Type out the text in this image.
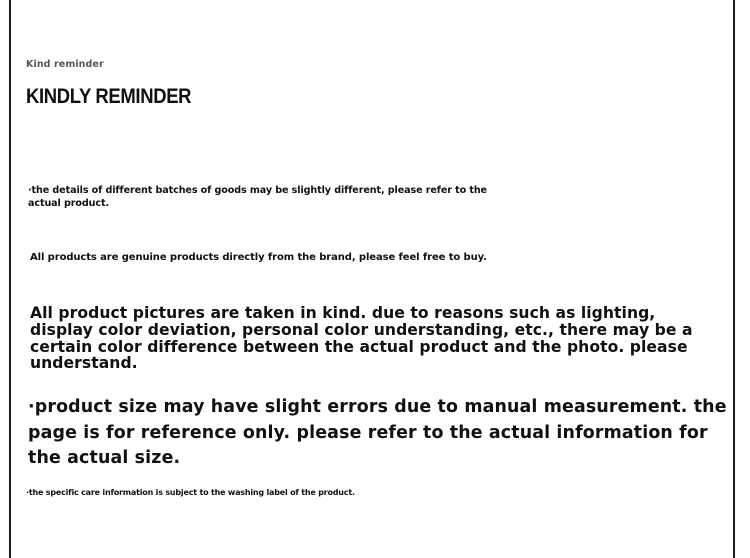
Kind reminder
KINDLY REMINDER

·the details of different batches of goods may be slightly different, please refer to the actual product.

All products are genuine products directly from the brand, please feel free to buy.

All product pictures are taken in kind. due to reasons such as lighting, display color deviation, personal color understanding, etc., there may be a certain color difference between the actual product and the photo. please understand.

·product size may have slight errors due to manual measurement. the page is for reference only. please refer to the actual information for the actual size.

·the specific care information is subject to the washing label of the product.
